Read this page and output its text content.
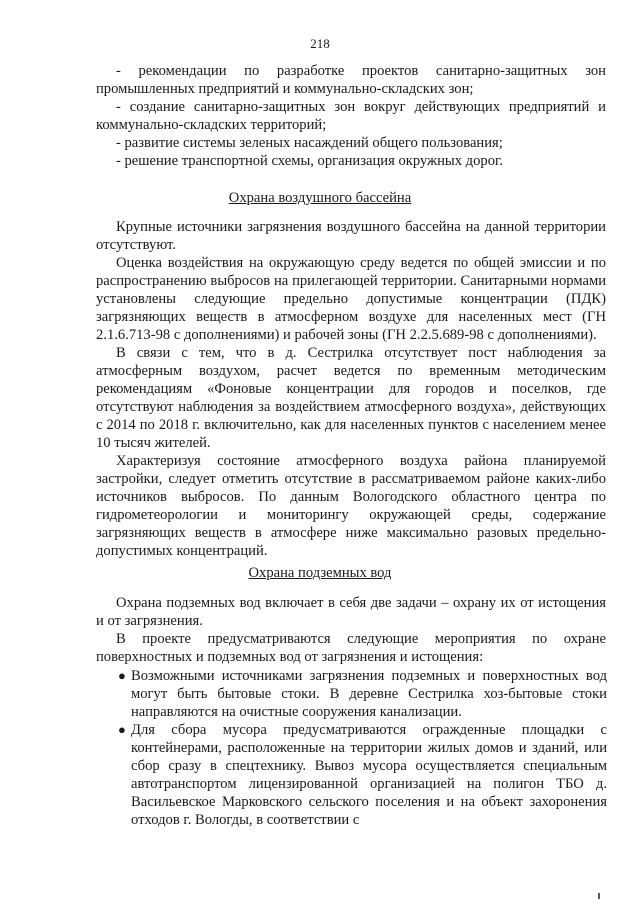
218

- рекомендации по разработке проектов санитарно-защитных зон промышленных предприятий и коммунально-складских зон;

- создание санитарно-защитных зон вокруг действующих предприятий и коммунально-складских территорий;

- развитие системы зеленых насаждений общего пользования;

- решение транспортной схемы, организация окружных дорог.

Охрана воздушного бассейна

Крупные источники загрязнения воздушного бассейна на данной территории отсутствуют.

Оценка воздействия на окружающую среду ведется по общей эмиссии и по распространению выбросов на прилегающей территории. Санитарными нормами установлены следующие предельно допустимые концентрации (ПДК) загрязняющих веществ в атмосферном воздухе для населенных мест (ГН 2.1.6.713-98 с дополнениями) и рабочей зоны (ГН 2.2.5.689-98 с дополнениями).

В связи с тем, что в д. Сестрилка отсутствует пост наблюдения за атмосферным воздухом, расчет ведется по временным методическим рекомендациям «Фоновые концентрации для городов и поселков, где отсутствуют наблюдения за воздействием атмосферного воздуха», действующих с 2014 по 2018 г. включительно, как для населенных пунктов с населением менее 10 тысяч жителей.

Характеризуя состояние атмосферного воздуха района планируемой застройки, следует отметить отсутствие в рассматриваемом районе каких-либо источников выбросов. По данным Вологодского областного центра по гидрометеорологии и мониторингу окружающей среды, содержание загрязняющих веществ в атмосфере ниже максимально разовых предельно-допустимых концентраций.

Охрана подземных вод

Охрана подземных вод включает в себя две задачи – охрану их от истощения и от загрязнения.

В проекте предусматриваются следующие мероприятия по охране поверхностных и подземных вод от загрязнения и истощения:

● Возможными источниками загрязнения подземных и поверхностных вод могут быть бытовые стоки. В деревне Сестрилка хоз-бытовые стоки направляются на очистные сооружения канализации.

● Для сбора мусора предусматриваются огражденные площадки с контейнерами, расположенные на территории жилых домов и зданий, или сбор сразу в спецтехнику. Вывоз мусора осуществляется специальным автотранспортом лицензированной организацией на полигон ТБО д. Васильевское Марковского сельского поселения и на объект захоронения отходов г. Вологды, в соответствии с
